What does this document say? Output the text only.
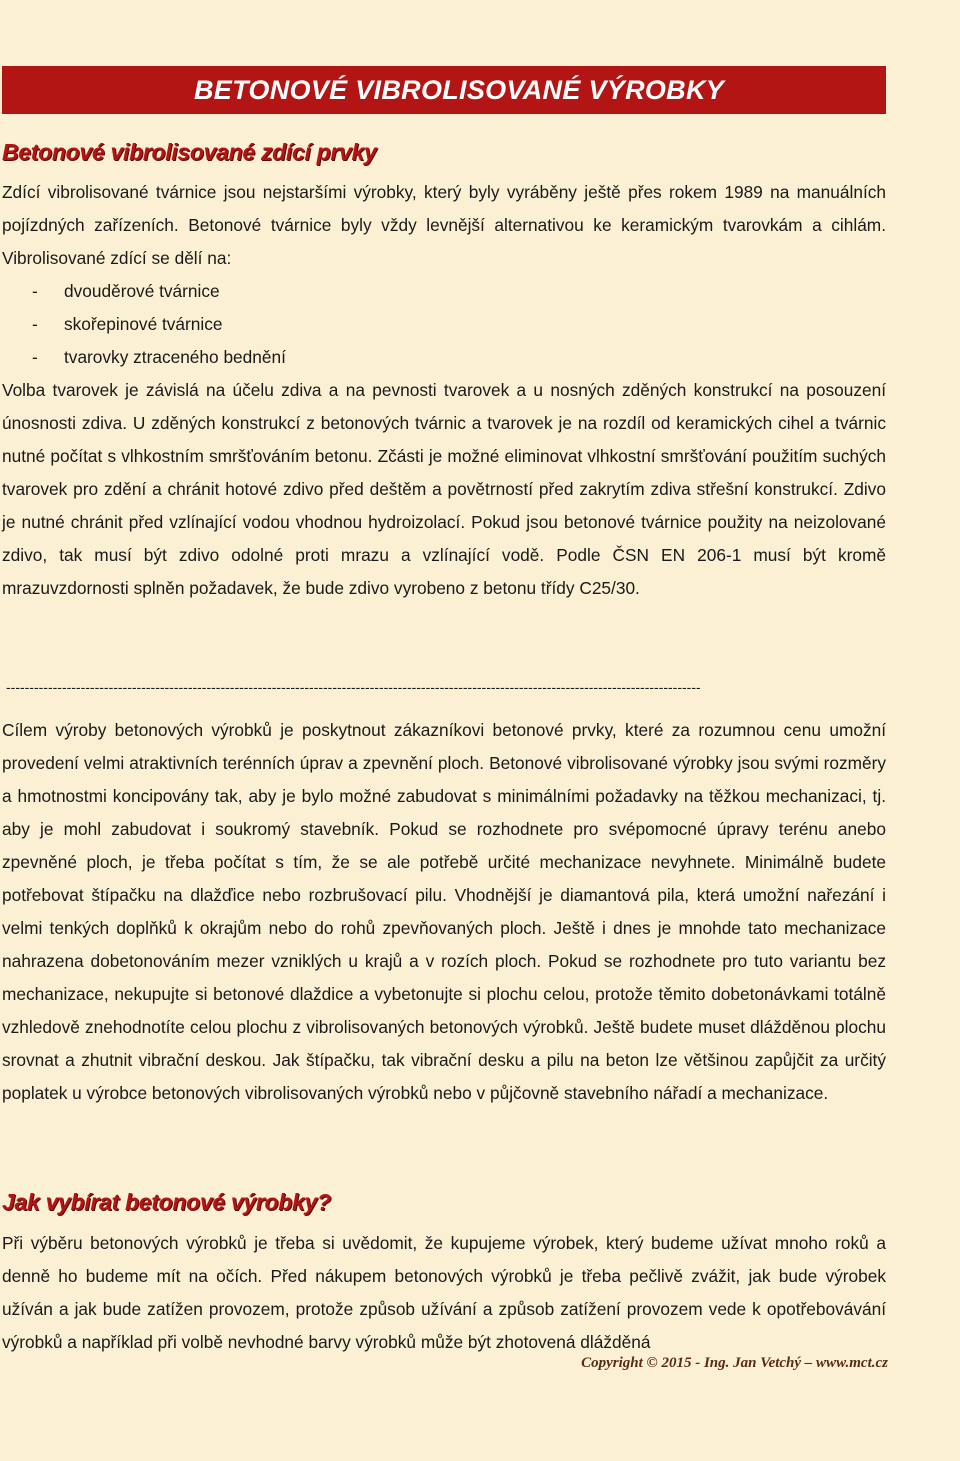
BETONOVÉ VIBROLISOVANÉ VÝROBKY
Betonové vibrolisované zdící prvky

Zdící vibrolisované tvárnice jsou nejstaršími výrobky, který byly vyráběny ještě přes rokem 1989 na manuálních pojízdných zařízeních. Betonové tvárnice byly vždy levnější alternativou ke keramickým tvarovkám a cihlám. Vibrolisované zdící se dělí na:

- dvouděrové tvárnice
- skořepinové tvárnice
- tvarovky ztraceného bednění

Volba tvarovek je závislá na účelu zdiva a na pevnosti tvarovek a u nosných zděných konstrukcí na posouzení únosnosti zdiva. U zděných konstrukcí z betonových tvárnic a tvarovek je na rozdíl od keramických cihel a tvárnic nutné počítat s vlhkostním smršťováním betonu. Zčásti je možné eliminovat vlhkostní smršťování použitím suchých tvarovek pro zdění a chránit hotové zdivo před deštěm a povětrností před zakrytím zdiva střešní konstrukcí. Zdivo je nutné chránit před vzlínající vodou vhodnou hydroizolací. Pokud jsou betonové tvárnice použity na neizolované zdivo, tak musí být zdivo odolné proti mrazu a vzlínající vodě. Podle ČSN EN 206-1 musí být kromě mrazuvzdornosti splněn požadavek, že bude zdivo vyrobeno z betonu třídy C25/30.

-----------------------------------------------------------------------------------------------------------------------------------------------------

Cílem výroby betonových výrobků je poskytnout zákazníkovi betonové prvky, které za rozumnou cenu umožní provedení velmi atraktivních terénních úprav a zpevnění ploch. Betonové vibrolisované výrobky jsou svými rozměry a hmotnostmi koncipovány tak, aby je bylo možné zabudovat s minimálními požadavky na těžkou mechanizaci, tj. aby je mohl zabudovat i soukromý stavebník. Pokud se rozhodnete pro svépomocné úpravy terénu anebo zpevněné ploch, je třeba počítat s tím, že se ale potřebě určité mechanizace nevyhnete. Minimálně budete potřebovat štípačku na dlažďice nebo rozbrušovací pilu. Vhodnější je diamantová pila, která umožní nařezání i velmi tenkých doplňků k okrajům nebo do rohů zpevňovaných ploch. Ještě i dnes je mnohde tato mechanizace nahrazena dobetonováním mezer vzniklých u krajů a v rozích ploch. Pokud se rozhodnete pro tuto variantu bez mechanizace, nekupujte si betonové dlaždice a vybetonujte si plochu celou, protože těmito dobetonávkami totálně vzhledově znehodnotíte celou plochu z vibrolisovaných betonových výrobků. Ještě budete muset dlážděnou plochu srovnat a zhutnit vibrační deskou. Jak štípačku, tak vibrační desku a pilu na beton lze většinou zapůjčit za určitý poplatek u výrobce betonových vibrolisovaných výrobků nebo v půjčovně stavebního nářadí a mechanizace.

Jak vybírat betonové výrobky?

Při výběru betonových výrobků je třeba si uvědomit, že kupujeme výrobek, který budeme užívat mnoho roků a denně ho budeme mít na očích. Před nákupem betonových výrobků je třeba pečlivě zvážit, jak bude výrobek užíván a jak bude zatížen provozem, protože způsob užívání a způsob zatížení provozem vede k opotřebovávání výrobků a například při volbě nevhodné barvy výrobků může být zhotovená dlážděná

Copyright © 2015 - Ing. Jan Vetchý – www.mct.cz
